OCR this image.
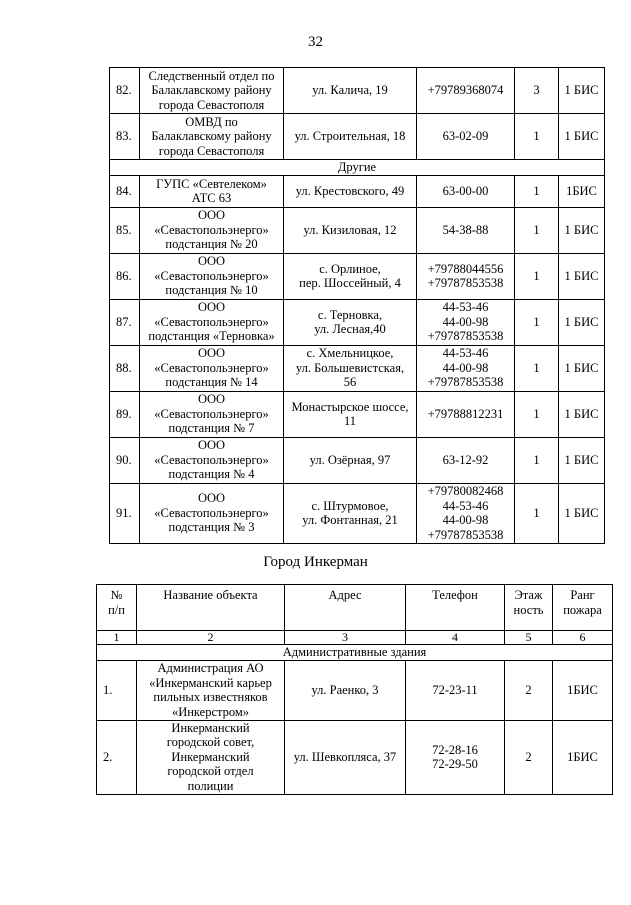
32
82.	Следственный отдел по
Балаклавскому району
города Севастополя	ул. Калича, 19	+79789368074	3	1 БИС
83.	ОМВД по
Балаклавскому району
города Севастополя	ул. Строительная, 18	63-02-09	1	1 БИС
Другие					
84.	ГУПС «Севтелеком»
АТС 63	ул. Крестовского, 49	63-00-00	1	1БИС
85.	ООО
«Севастопольэнерго»
подстанция № 20	ул. Кизиловая, 12	54-38-88	1	1 БИС
86.	ООО
«Севастопольэнерго»
подстанция № 10	с. Орлиное,
пер. Шоссейный, 4	+79788044556
+79787853538	1	1 БИС
87.	ООО
«Севастопольэнерго»
подстанция «Терновка»	с. Терновка,
ул. Лесная,40	44-53-46
44-00-98
+79787853538	1	1 БИС
88.	ООО
«Севастопольэнерго»
подстанция № 14	с. Хмельницкое,
ул. Большевистская,
56	44-53-46
44-00-98
+79787853538	1	1 БИС
89.	ООО
«Севастопольэнерго»
подстанция № 7	Монастырское шоссе,
11	+79788812231	1	1 БИС
90.	ООО
«Севастопольэнерго»
подстанция № 4	ул. Озёрная, 97	63-12-92	1	1 БИС
91.	ООО
«Севастопольэнерго»
подстанция № 3	с. Штурмовое,
ул. Фонтанная, 21	+79780082468
44-53-46
44-00-98
+79787853538	1	1 БИС
Город Инкерман
№
п/п	Название объекта	Адрес	Телефон	Этаж
ность	Ранг
пожара
1	2	3	4	5	6
Административные здания					
1.	Администрация АО
«Инкерманский карьер
пильных известняков
«Инкерстром»	ул. Раенко, 3	72-23-11	2	1БИС
2.	Инкерманский
городской совет,
Инкерманский
городской отдел
полиции	ул. Шевкопляса, 37	72-28-16
72-29-50	2	1БИС
